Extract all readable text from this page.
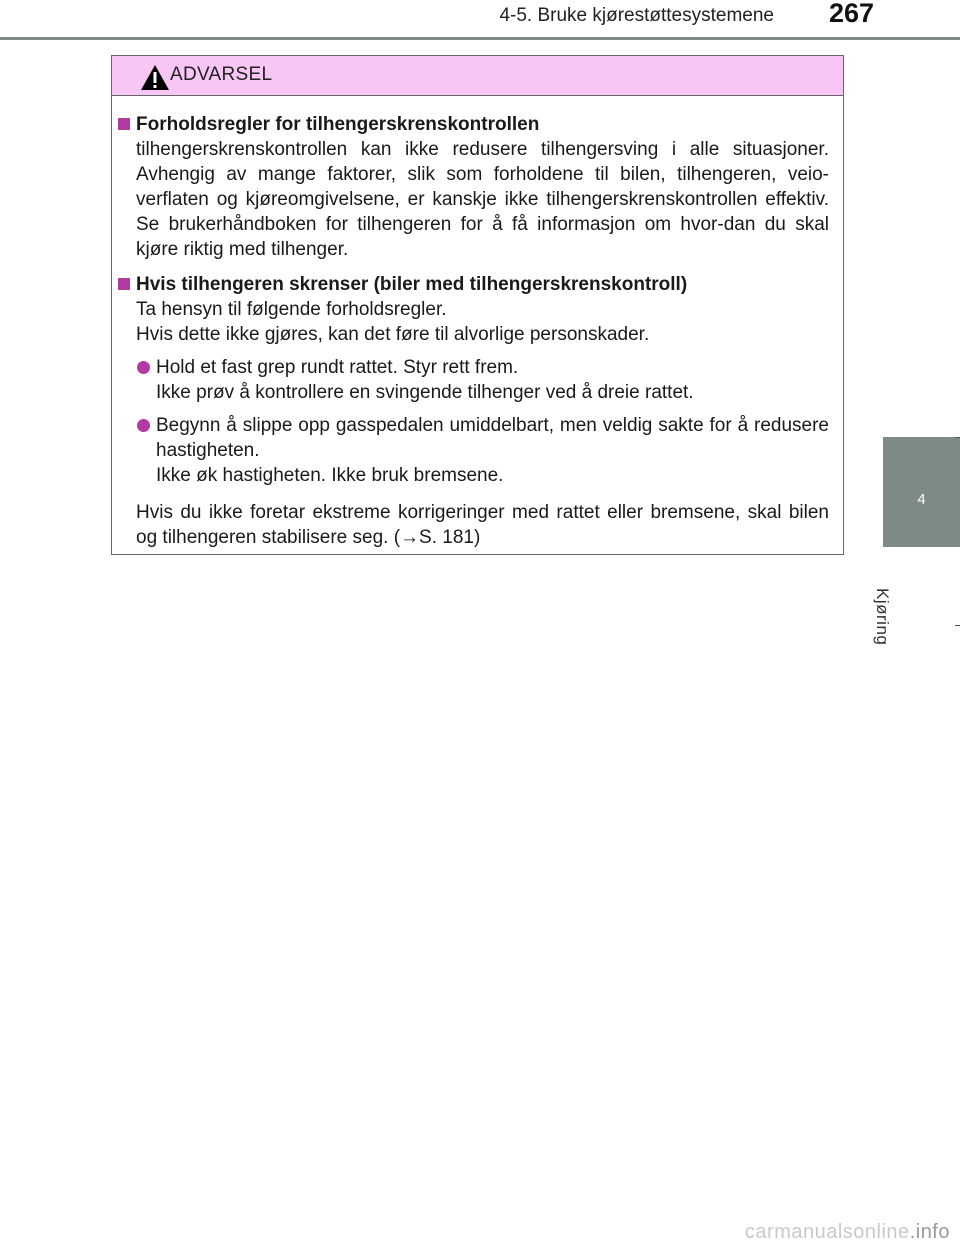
4-5. Bruke kjørestøttesystemene 267
4
Kjøring
ADVARSEL
Forholdsregler for tilhengerskrenskontrollen
tilhengerskrenskontrollen kan ikke redusere tilhengersving i alle situasjoner. Avhengig av mange faktorer, slik som forholdene til bilen, tilhengeren, veio-verflaten og kjøreomgivelsene, er kanskje ikke tilhengerskrenskontrollen effektiv. Se brukerhåndboken for tilhengeren for å få informasjon om hvor-dan du skal kjøre riktig med tilhenger.
Hvis tilhengeren skrenser (biler med tilhengerskrenskontroll)
Ta hensyn til følgende forholdsregler.
Hvis dette ikke gjøres, kan det føre til alvorlige personskader.
Hold et fast grep rundt rattet. Styr rett frem.
Ikke prøv å kontrollere en svingende tilhenger ved å dreie rattet.
Begynn å slippe opp gasspedalen umiddelbart, men veldig sakte for å redusere hastigheten.
Ikke øk hastigheten. Ikke bruk bremsene.
Hvis du ikke foretar ekstreme korrigeringer med rattet eller bremsene, skal bilen og tilhengeren stabilisere seg. (→S. 181)
carmanualsonline.info
